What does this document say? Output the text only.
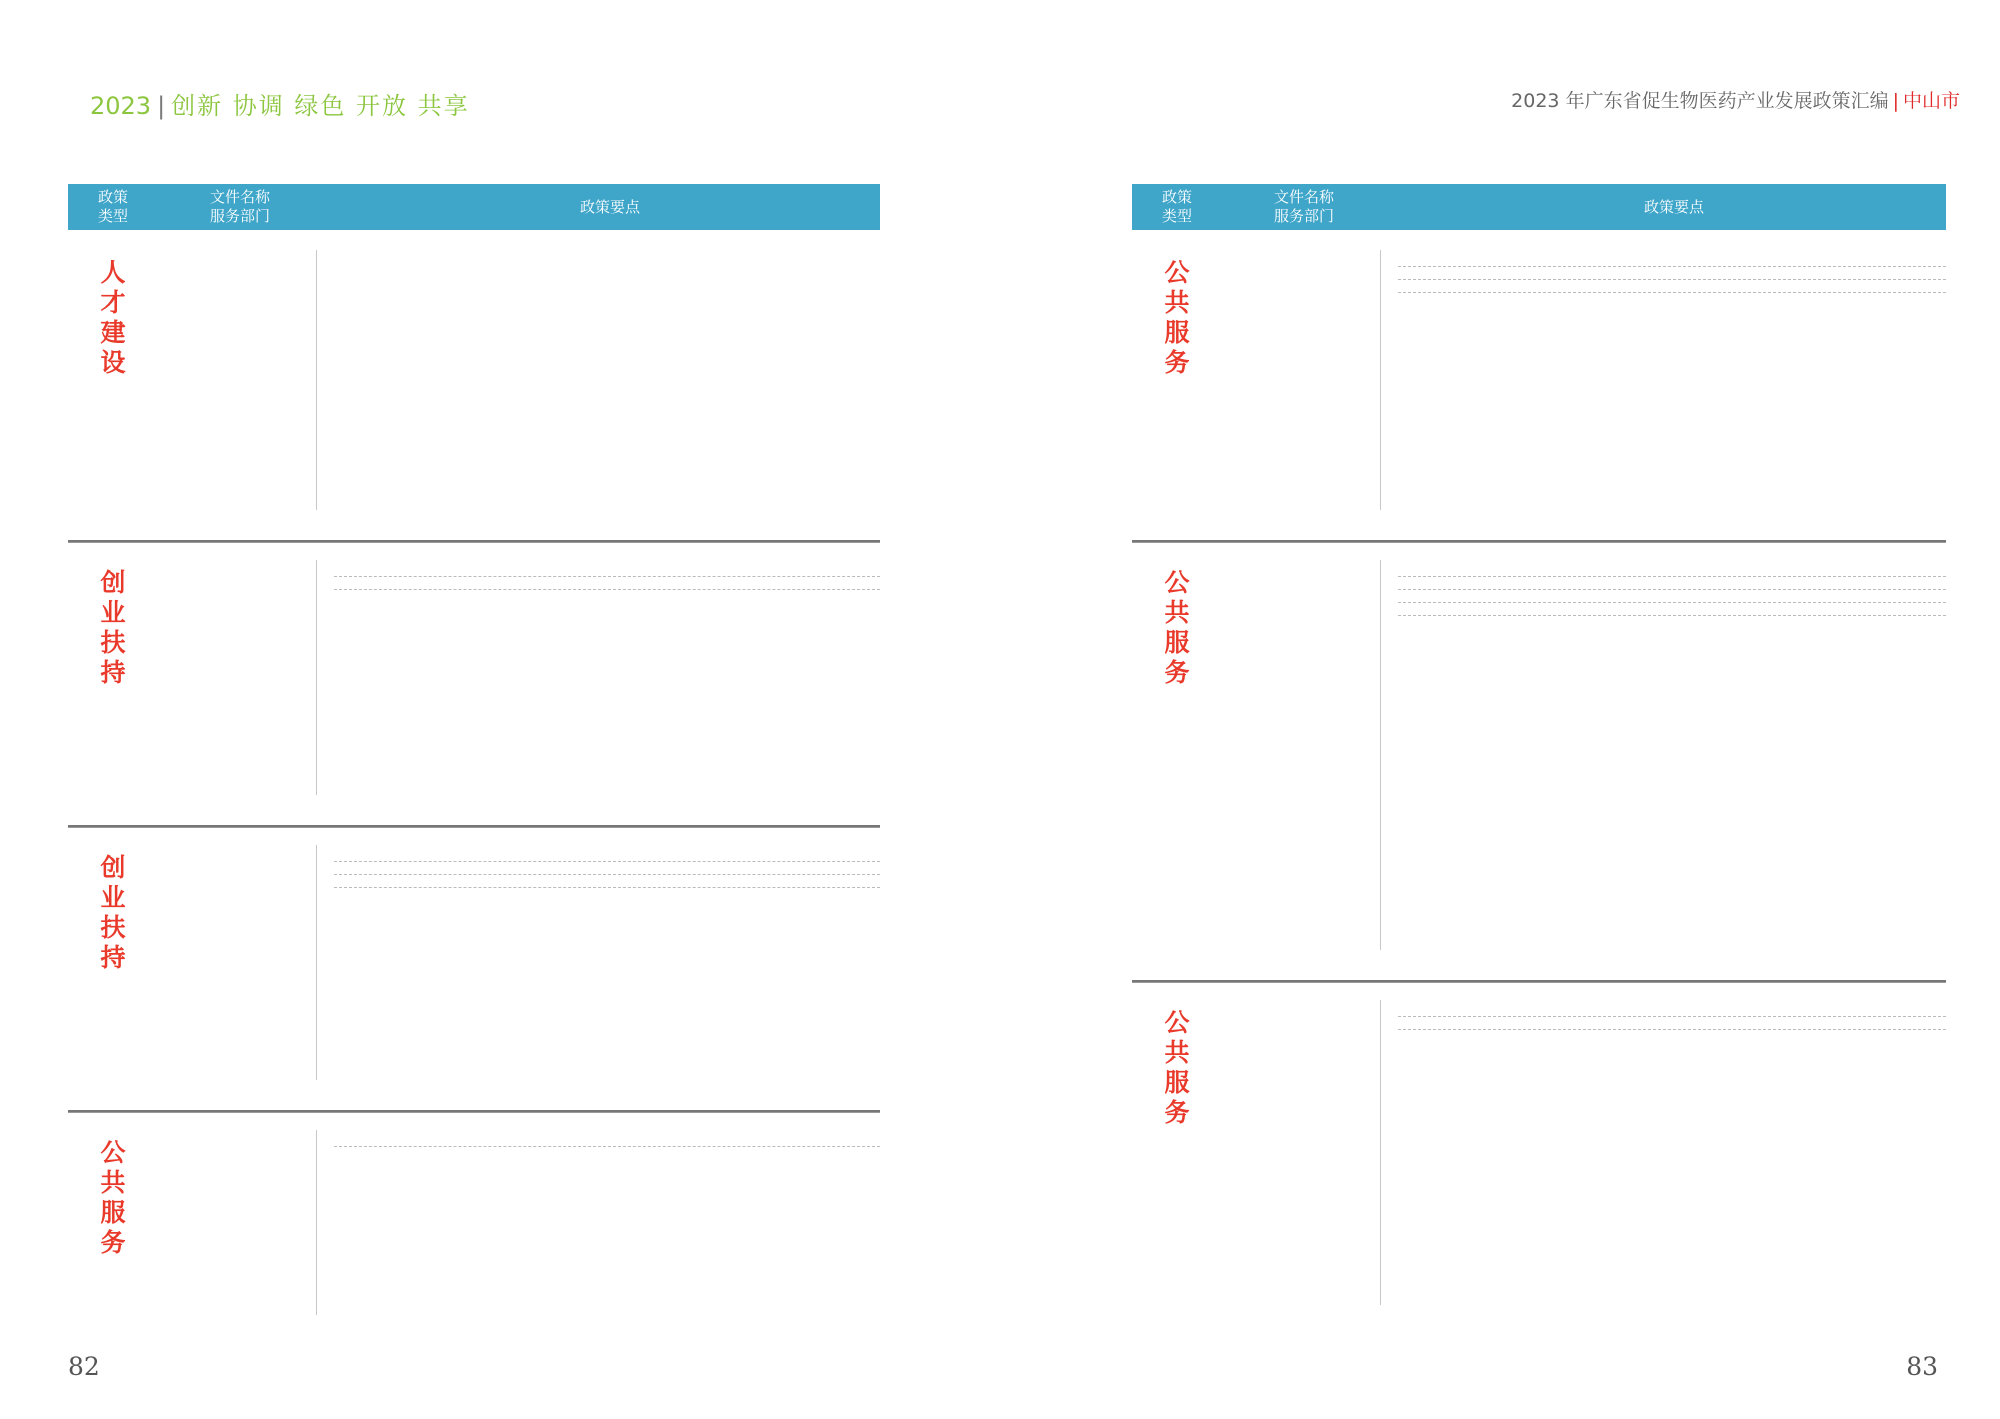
2023 | 创新 协调 绿色 开放 共享
政策
类型
文件名称
服务部门
政策要点
人
才
建
设
创
业
扶
持
创
业
扶
持
公
共
服
务
82
2023 年广东省促生物医药产业发展政策汇编 | 中山市
政策
类型
文件名称
服务部门
政策要点
公
共
服
务
公
共
服
务
公
共
服
务
83
